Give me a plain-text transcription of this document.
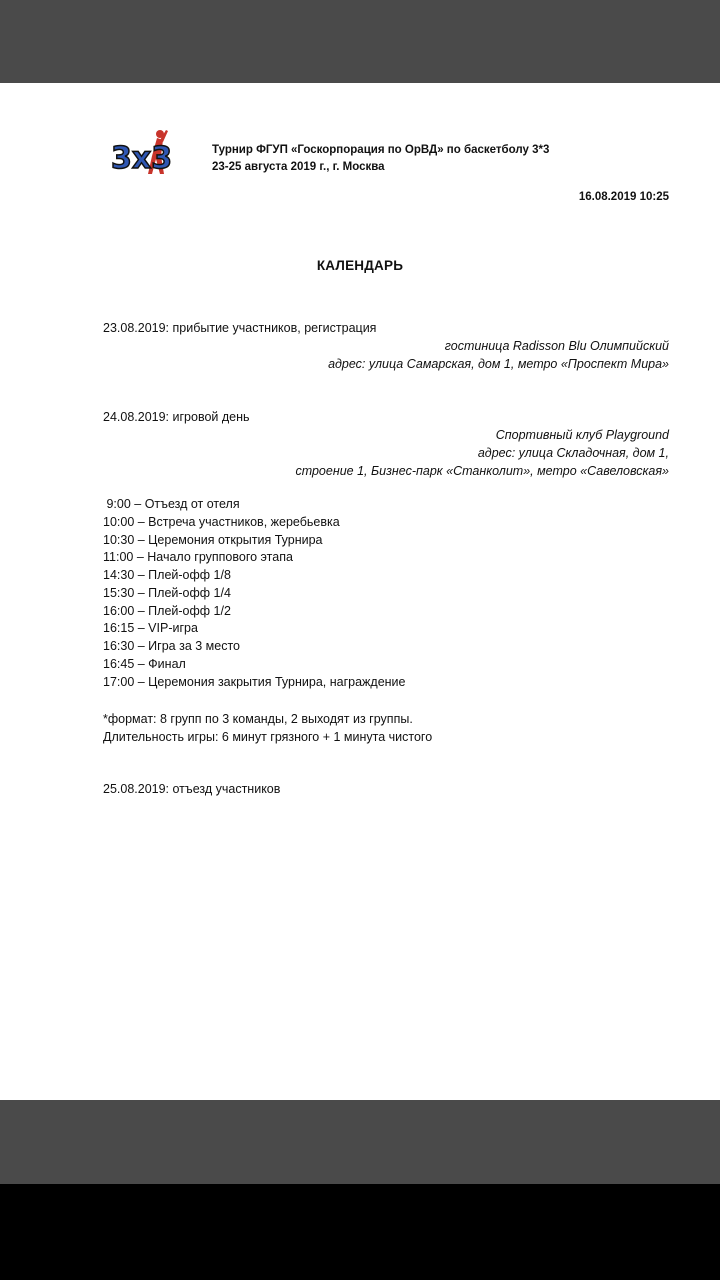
3x3	Турнир ФГУП «Госкорпорация по ОрВД» по баскетболу 3*3
23-25 августа 2019 г., г. Москва
16.08.2019 10:25
КАЛЕНДАРЬ
23.08.2019: прибытие участников, регистрация
гостиница Radisson Blu Олимпийский
адрес: улица Самарская, дом 1, метро «Проспект Мира»
24.08.2019: игровой день
Спортивный клуб Playground
адрес: улица Складочная, дом 1,
строение 1, Бизнес-парк «Станколит», метро «Савеловская»
9:00 – Отъезд от отеля
10:00 – Встреча участников, жеребьевка
10:30 – Церемония открытия Турнира
11:00 – Начало группового этапа
14:30 – Плей-офф 1/8
15:30 – Плей-офф 1/4
16:00 – Плей-офф 1/2
16:15 – VIP-игра
16:30 – Игра за 3 место
16:45 – Финал
17:00 – Церемония закрытия Турнира, награждение
*формат: 8 групп по 3 команды, 2 выходят из группы.
Длительность игры: 6 минут грязного + 1 минута чистого
25.08.2019: отъезд участников
